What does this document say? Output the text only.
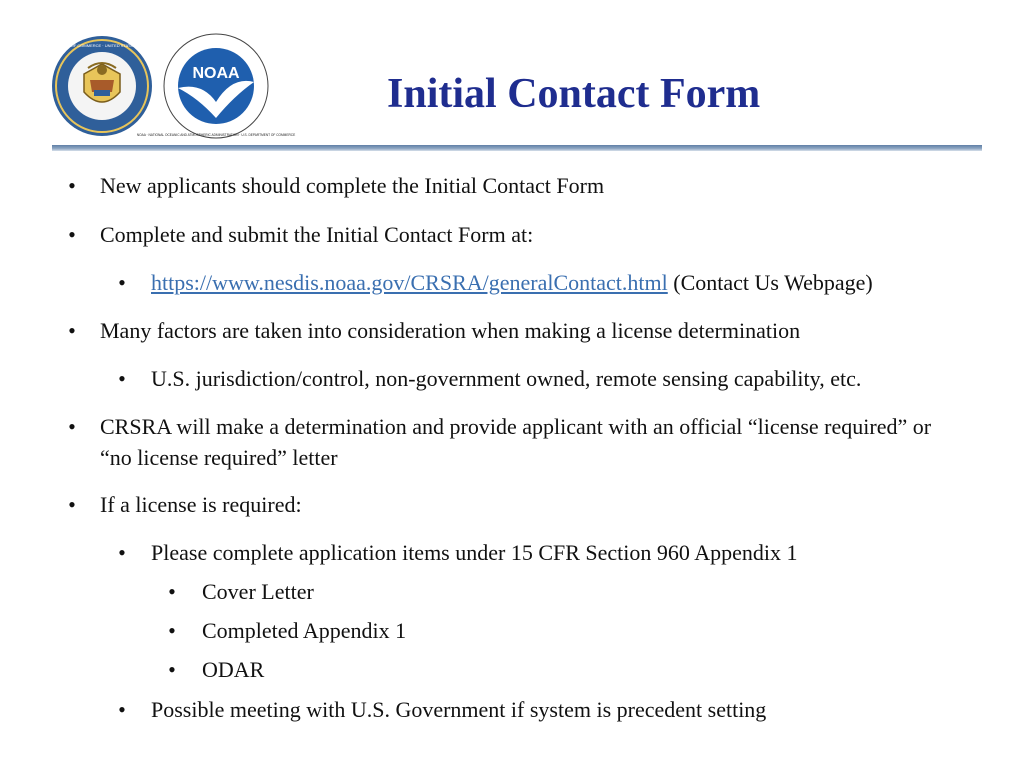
DEPARTMENT OF COMMERCE · UNITED STATES OF AMERICA
NOAA
NOAA · NATIONAL OCEANIC AND ATMOSPHERIC ADMINISTRATION · U.S. DEPARTMENT OF COMMERCE
Initial Contact Form
• New applicants should complete the Initial Contact Form
• Complete and submit the Initial Contact Form at:
• https://www.nesdis.noaa.gov/CRSRA/generalContact.html (Contact Us Webpage)
• Many factors are taken into consideration when making a license determination
• U.S. jurisdiction/control, non-government owned, remote sensing capability, etc.
• CRSRA will make a determination and provide applicant with an official “license required” or “no license required” letter
• If a license is required:
• Please complete application items under 15 CFR Section 960 Appendix 1
• Cover Letter
• Completed Appendix 1
• ODAR
• Possible meeting with U.S. Government if system is precedent setting
